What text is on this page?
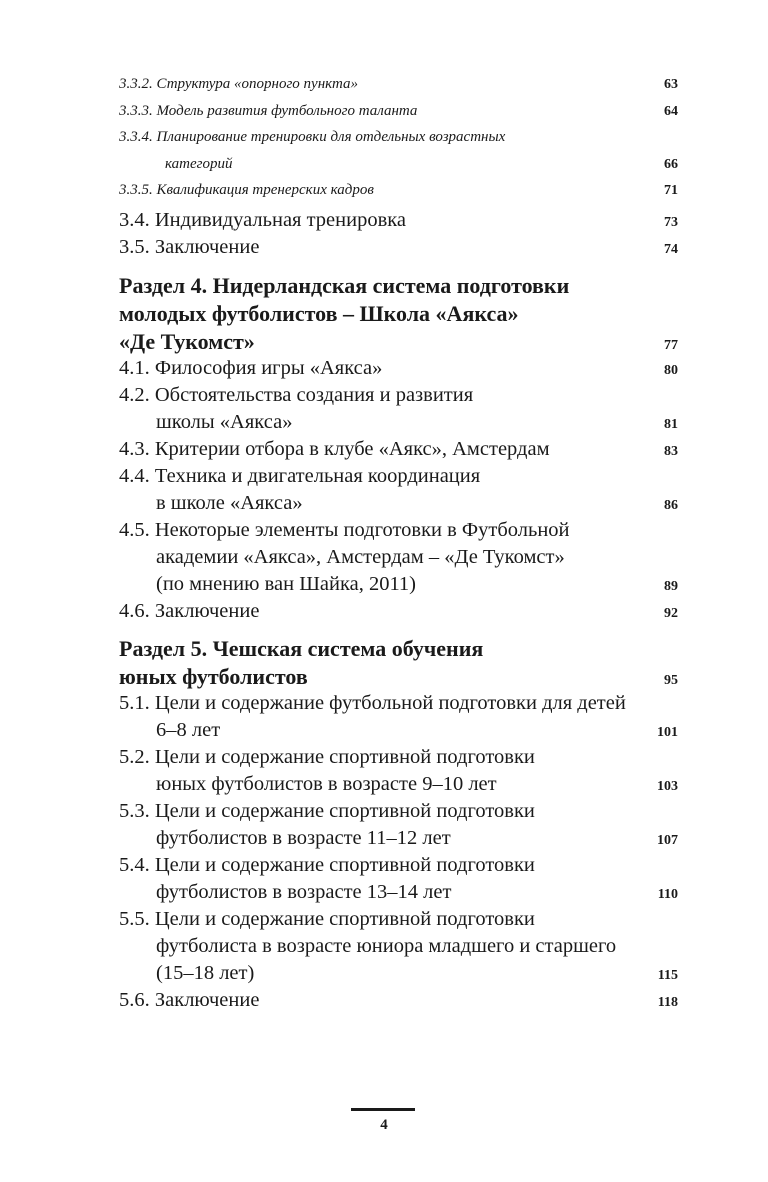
3.3.2. Структура «опорного пункта»	63
3.3.3. Модель развития футбольного таланта	64
3.3.4. Планирование тренировки для отдельных возрастных
категорий	66
3.3.5. Квалификация тренерских кадров	71
3.4. Индивидуальная тренировка	73
3.5. Заключение	74
Раздел 4. Нидерландская система подготовки
молодых футболистов – Школа «Аякса»
«Де Тукомст»	77
4.1. Философия игры «Аякса»	80
4.2. Обстоятельства создания и развития
школы «Аякса»	81
4.3. Критерии отбора в клубе «Аякс», Амстердам	83
4.4. Техника и двигательная координация
в школе «Аякса»	86
4.5. Некоторые элементы подготовки в Футбольной
академии «Аякса», Амстердам – «Де Тукомст»
(по мнению ван Шайка, 2011)	89
4.6. Заключение	92
Раздел 5. Чешская система обучения
юных футболистов	95
5.1. Цели и содержание футбольной подготовки для детей
6–8 лет	101
5.2. Цели и содержание спортивной подготовки
юных футболистов в возрасте 9–10 лет	103
5.3. Цели и содержание спортивной подготовки
футболистов в возрасте 11–12 лет	107
5.4. Цели и содержание спортивной подготовки
футболистов в возрасте 13–14 лет	110
5.5. Цели и содержание спортивной подготовки
футболиста в возрасте юниора младшего и старшего
(15–18 лет)	115
5.6. Заключение	118
4
